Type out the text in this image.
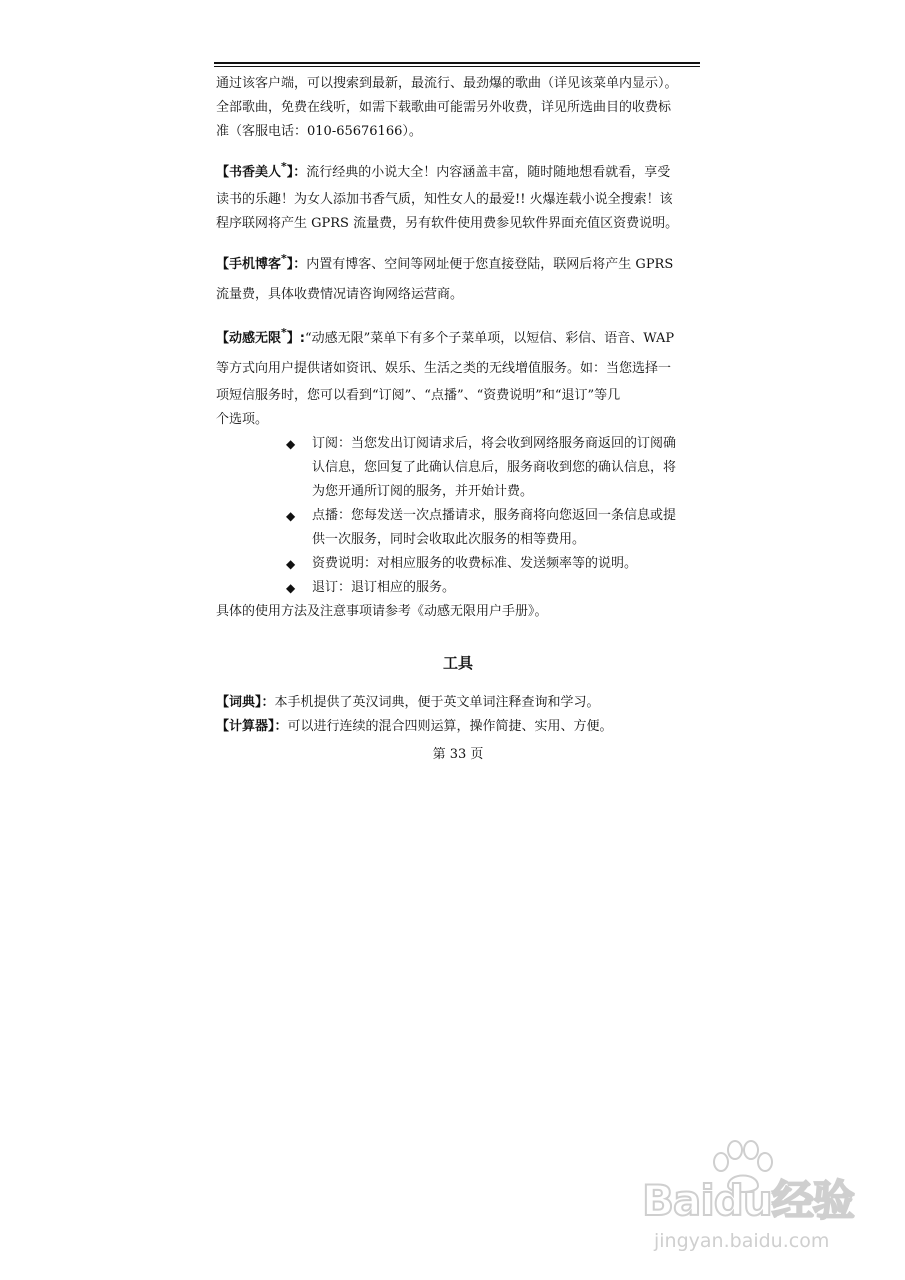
通过该客户端，可以搜索到最新，最流行、最劲爆的歌曲（详见该菜单内显示）。

全部歌曲，免费在线听，如需下载歌曲可能需另外收费，详见所选曲目的收费标

准（客服电话：010-65676166）。

【书香美人*】：流行经典的小说大全！内容涵盖丰富，随时随地想看就看，享受

读书的乐趣！为女人添加书香气质，知性女人的最爱!! 火爆连载小说全搜索！该

程序联网将产生 GPRS 流量费，另有软件使用费参见软件界面充值区资费说明。

【手机博客*】：内置有博客、空间等网址便于您直接登陆，联网后将产生 GPRS

流量费，具体收费情况请咨询网络运营商。

【动感无限*】:“动感无限”菜单下有多个子菜单项，以短信、彩信、语音、WAP

等方式向用户提供诸如资讯、娱乐、生活之类的无线增值服务。如：当您选择一

项短信服务时，您可以看到“订阅”、“点播”、“资费说明”和“退订”等几

个选项。

◆ 订阅：当您发出订阅请求后，将会收到网络服务商返回的订阅确
认信息，您回复了此确认信息后，服务商收到您的确认信息，将
为您开通所订阅的服务，并开始计费。
◆ 点播：您每发送一次点播请求，服务商将向您返回一条信息或提
供一次服务，同时会收取此次服务的相等费用。
◆ 资费说明：对相应服务的收费标准、发送频率等的说明。
◆ 退订：退订相应的服务。

具体的使用方法及注意事项请参考《动感无限用户手册》。

工具

【词典】：本手机提供了英汉词典，便于英文单词注释查询和学习。

【计算器】：可以进行连续的混合四则运算，操作简捷、实用、方便。

第 33 页
Baidu经验
jingyan.baidu.com
